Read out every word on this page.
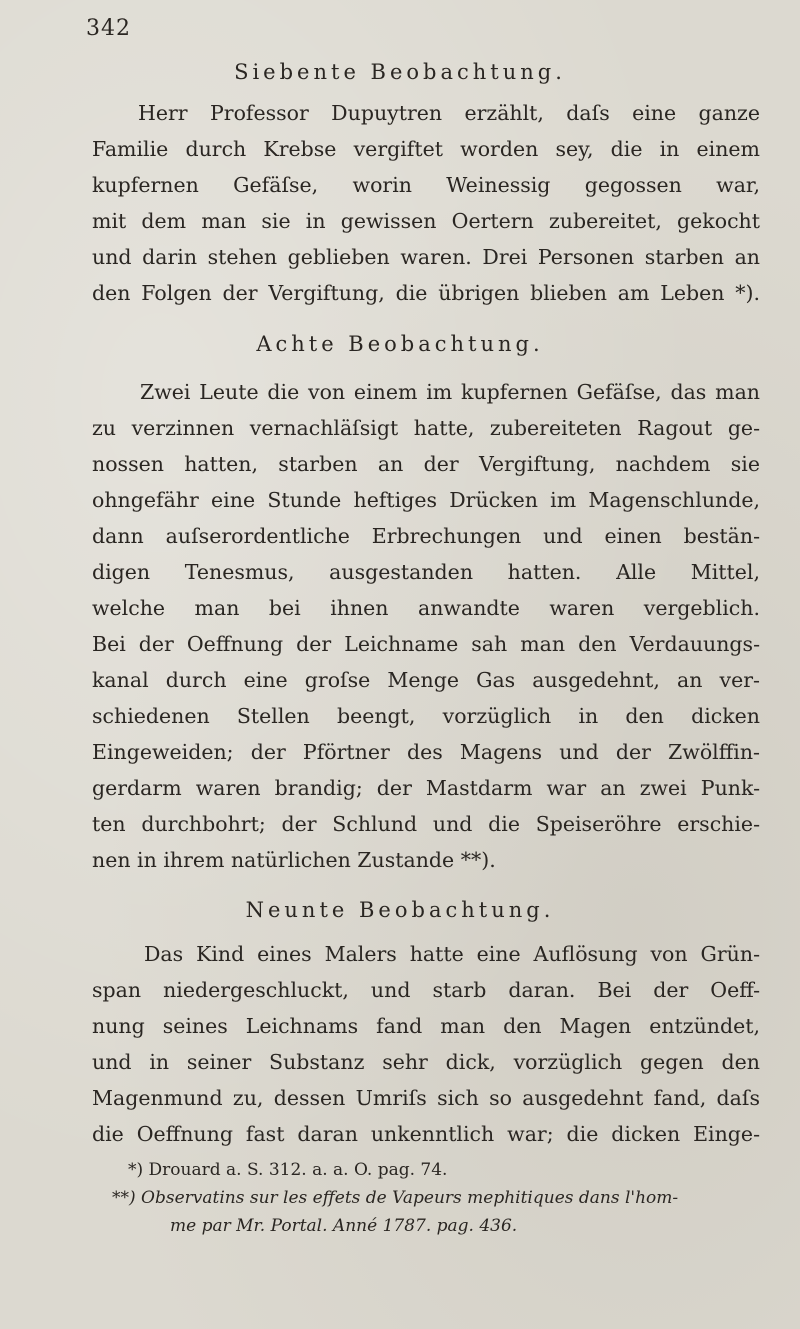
342
Siebente Beobachtung.
Herr Professor Dupuytren erzählt, daſs eine ganze
Familie durch Krebse vergiftet worden sey, die in einem
kupfernen Gefäſse, worin Weinessig gegossen war,
mit dem man sie in gewissen Oertern zubereitet, gekocht
und darin stehen geblieben waren. Drei Personen starben an
den Folgen der Vergiftung, die übrigen blieben am Leben *).
Achte Beobachtung.
Zwei Leute die von einem im kupfernen Gefäſse, das man
zu verzinnen vernachläſsigt hatte, zubereiteten Ragout ge-
nossen hatten, starben an der Vergiftung, nachdem sie
ohngefähr eine Stunde heftiges Drücken im Magenschlunde,
dann auſserordentliche Erbrechungen und einen bestän-
digen Tenesmus, ausgestanden hatten. Alle Mittel,
welche man bei ihnen anwandte waren vergeblich.
Bei der Oeffnung der Leichname sah man den Verdauungs-
kanal durch eine groſse Menge Gas ausgedehnt, an ver-
schiedenen Stellen beengt, vorzüglich in den dicken
Eingeweiden; der Pförtner des Magens und der Zwölffin-
gerdarm waren brandig; der Mastdarm war an zwei Punk-
ten durchbohrt; der Schlund und die Speiseröhre erschie-
nen in ihrem natürlichen Zustande **).
Neunte Beobachtung.
Das Kind eines Malers hatte eine Auflösung von Grün-
span niedergeschluckt, und starb daran. Bei der Oeff-
nung seines Leichnams fand man den Magen entzündet,
und in seiner Substanz sehr dick, vorzüglich gegen den
Magenmund zu, dessen Umriſs sich so ausgedehnt fand, daſs
die Oeffnung fast daran unkenntlich war; die dicken Einge-
*) Drouard a. S. 312. a. a. O. pag. 74.
**) Observatins sur les effets de Vapeurs mephitiques dans l'hom-
me par Mr. Portal. Anné 1787. pag. 436.
